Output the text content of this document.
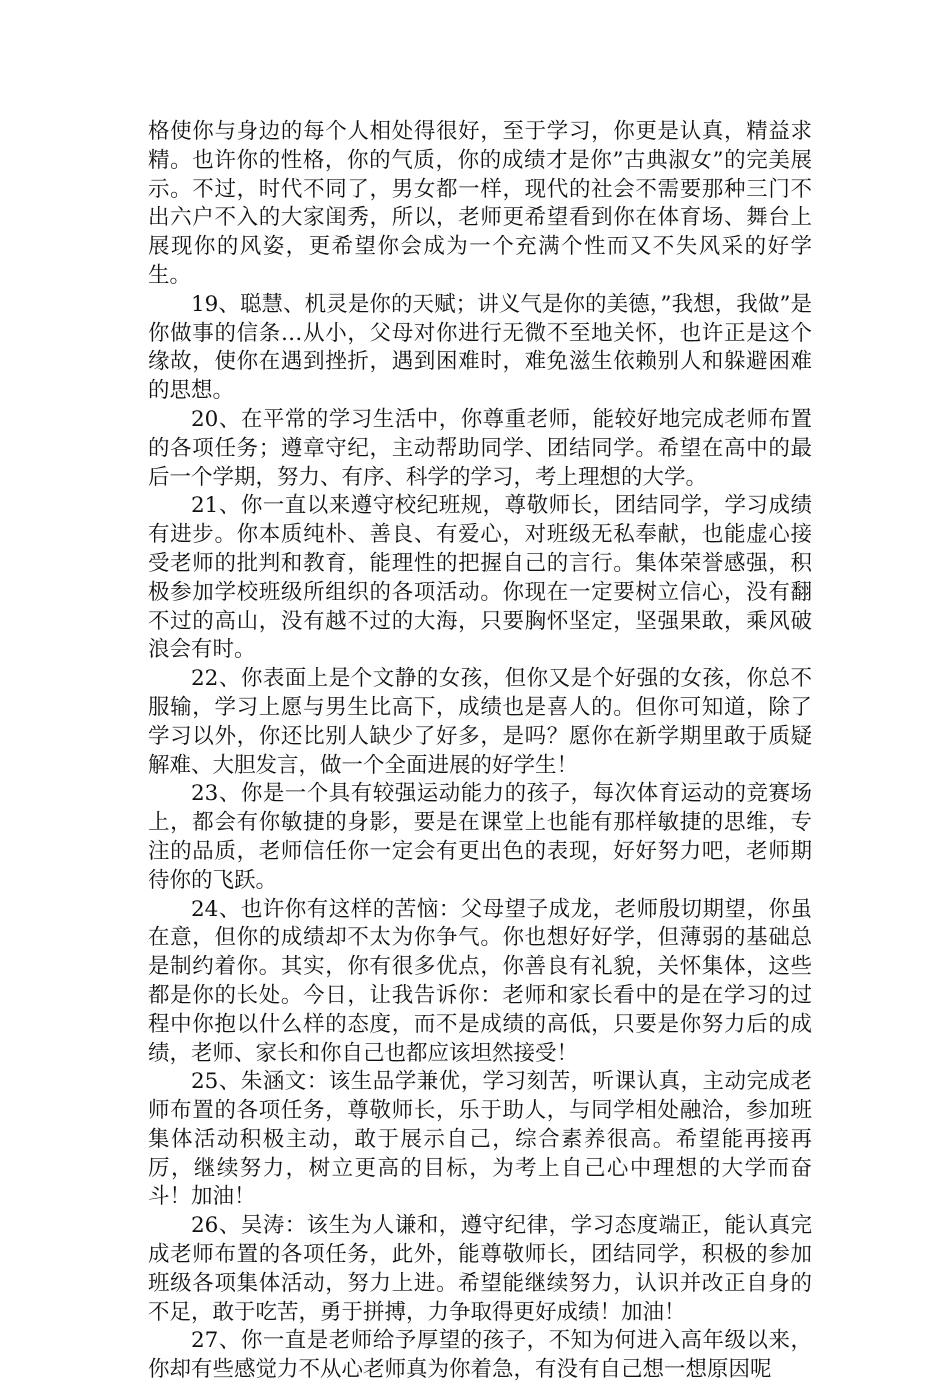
格使你与身边的每个人相处得很好，至于学习，你更是认真，精益求精。也许你的性格，你的气质，你的成绩才是你”古典淑女”的完美展示。不过，时代不同了，男女都一样，现代的社会不需要那种三门不出六户不入的大家闺秀，所以，老师更希望看到你在体育场、舞台上展现你的风姿，更希望你会成为一个充满个性而又不失风采的好学生。

19、聪慧、机灵是你的天赋；讲义气是你的美德，”我想，我做”是你做事的信条…从小，父母对你进行无微不至地关怀，也许正是这个缘故，使你在遇到挫折，遇到困难时，难免滋生依赖别人和躲避困难的思想。

20、在平常的学习生活中，你尊重老师，能较好地完成老师布置的各项任务；遵章守纪，主动帮助同学、团结同学。希望在高中的最后一个学期，努力、有序、科学的学习，考上理想的大学。

21、你一直以来遵守校纪班规，尊敬师长，团结同学，学习成绩有进步。你本质纯朴、善良、有爱心，对班级无私奉献，也能虚心接受老师的批判和教育，能理性的把握自己的言行。集体荣誉感强，积极参加学校班级所组织的各项活动。你现在一定要树立信心，没有翻不过的高山，没有越不过的大海，只要胸怀坚定，坚强果敢，乘风破浪会有时。

22、你表面上是个文静的女孩，但你又是个好强的女孩，你总不服输，学习上愿与男生比高下，成绩也是喜人的。但你可知道，除了学习以外，你还比别人缺少了好多，是吗？愿你在新学期里敢于质疑解难、大胆发言，做一个全面进展的好学生！

23、你是一个具有较强运动能力的孩子，每次体育运动的竞赛场上，都会有你敏捷的身影，要是在课堂上也能有那样敏捷的思维，专注的品质，老师信任你一定会有更出色的表现，好好努力吧，老师期待你的飞跃。

24、也许你有这样的苦恼：父母望子成龙，老师殷切期望，你虽在意，但你的成绩却不太为你争气。你也想好好学，但薄弱的基础总是制约着你。其实，你有很多优点，你善良有礼貌，关怀集体，这些都是你的长处。今日，让我告诉你：老师和家长看中的是在学习的过程中你抱以什么样的态度，而不是成绩的高低，只要是你努力后的成绩，老师、家长和你自己也都应该坦然接受！

25、朱涵文：该生品学兼优，学习刻苦，听课认真，主动完成老师布置的各项任务，尊敬师长，乐于助人，与同学相处融洽，参加班集体活动积极主动，敢于展示自己，综合素养很高。希望能再接再厉，继续努力，树立更高的目标，为考上自己心中理想的大学而奋斗！加油！

26、吴涛：该生为人谦和，遵守纪律，学习态度端正，能认真完成老师布置的各项任务，此外，能尊敬师长，团结同学，积极的参加班级各项集体活动，努力上进。希望能继续努力，认识并改正自身的不足，敢于吃苦，勇于拼搏，力争取得更好成绩！加油！

27、你一直是老师给予厚望的孩子，不知为何进入高年级以来，你却有些感觉力不从心老师真为你着急，有没有自己想一想原因呢
